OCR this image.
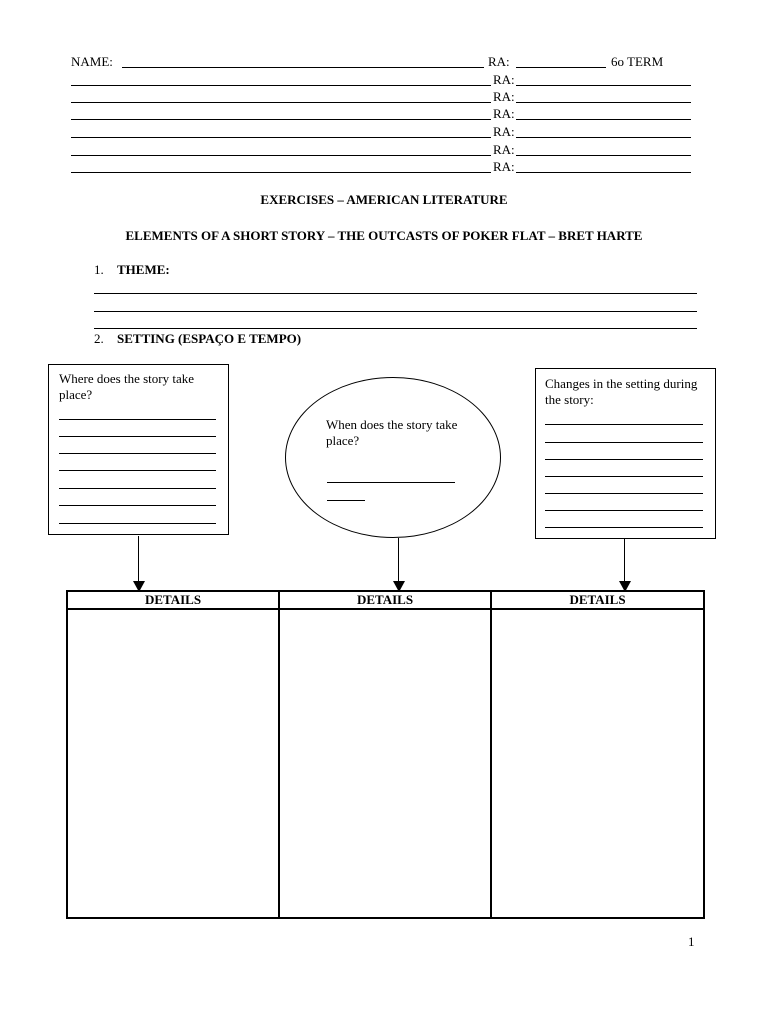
NAME:	RA:	6o TERM
RA:
RA:
RA:
RA:
RA:
RA:
EXERCISES – AMERICAN LITERATURE
ELEMENTS OF A SHORT STORY – THE OUTCASTS OF POKER FLAT – BRET HARTE
1. THEME:
2. SETTING (ESPAÇO E TEMPO)
Where does the story take place?
When does the story take place?
Changes in the setting during the story:
DETAILS	DETAILS	DETAILS

1
